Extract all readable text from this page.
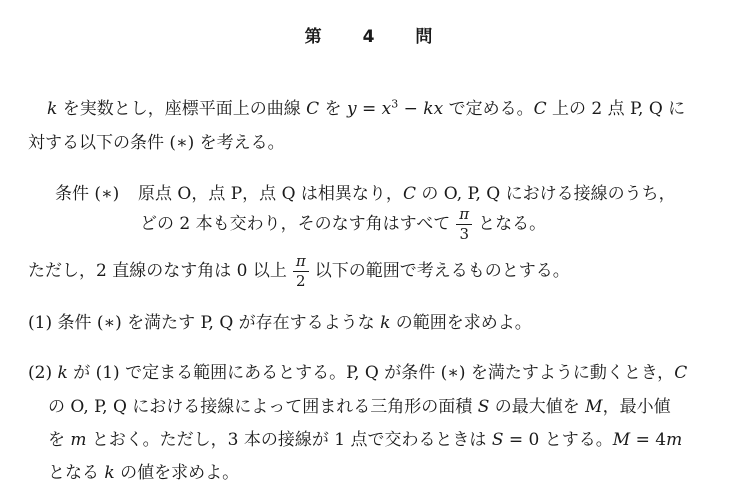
第 4 問
k を実数とし，座標平面上の曲線 C を $y = x^3$ − kx で定める。C 上の 2 点 P, Q に
対する以下の条件 (∗) を考える。
条件 (∗) 原点 O，点 P，点 Q は相異なり，C の O, P, Q における接線のうち，
どの 2 本も交わり，そのなす角はすべて $\frac{\pi}{3}$ となる。
ただし，2 直線のなす角は 0 以上 $\frac{\pi}{2}$ 以下の範囲で考えるものとする。
(1) 条件 (∗) を満たす P, Q が存在するような k の範囲を求めよ。
(2) k が (1) で定まる範囲にあるとする。P, Q が条件 (∗) を満たすように動くとき，C
の O, P, Q における接線によって囲まれる三角形の面積 S の最大値を M，最小値
を m とおく。ただし，3 本の接線が 1 点で交わるときは S = 0 とする。M = 4m
となる k の値を求めよ。
